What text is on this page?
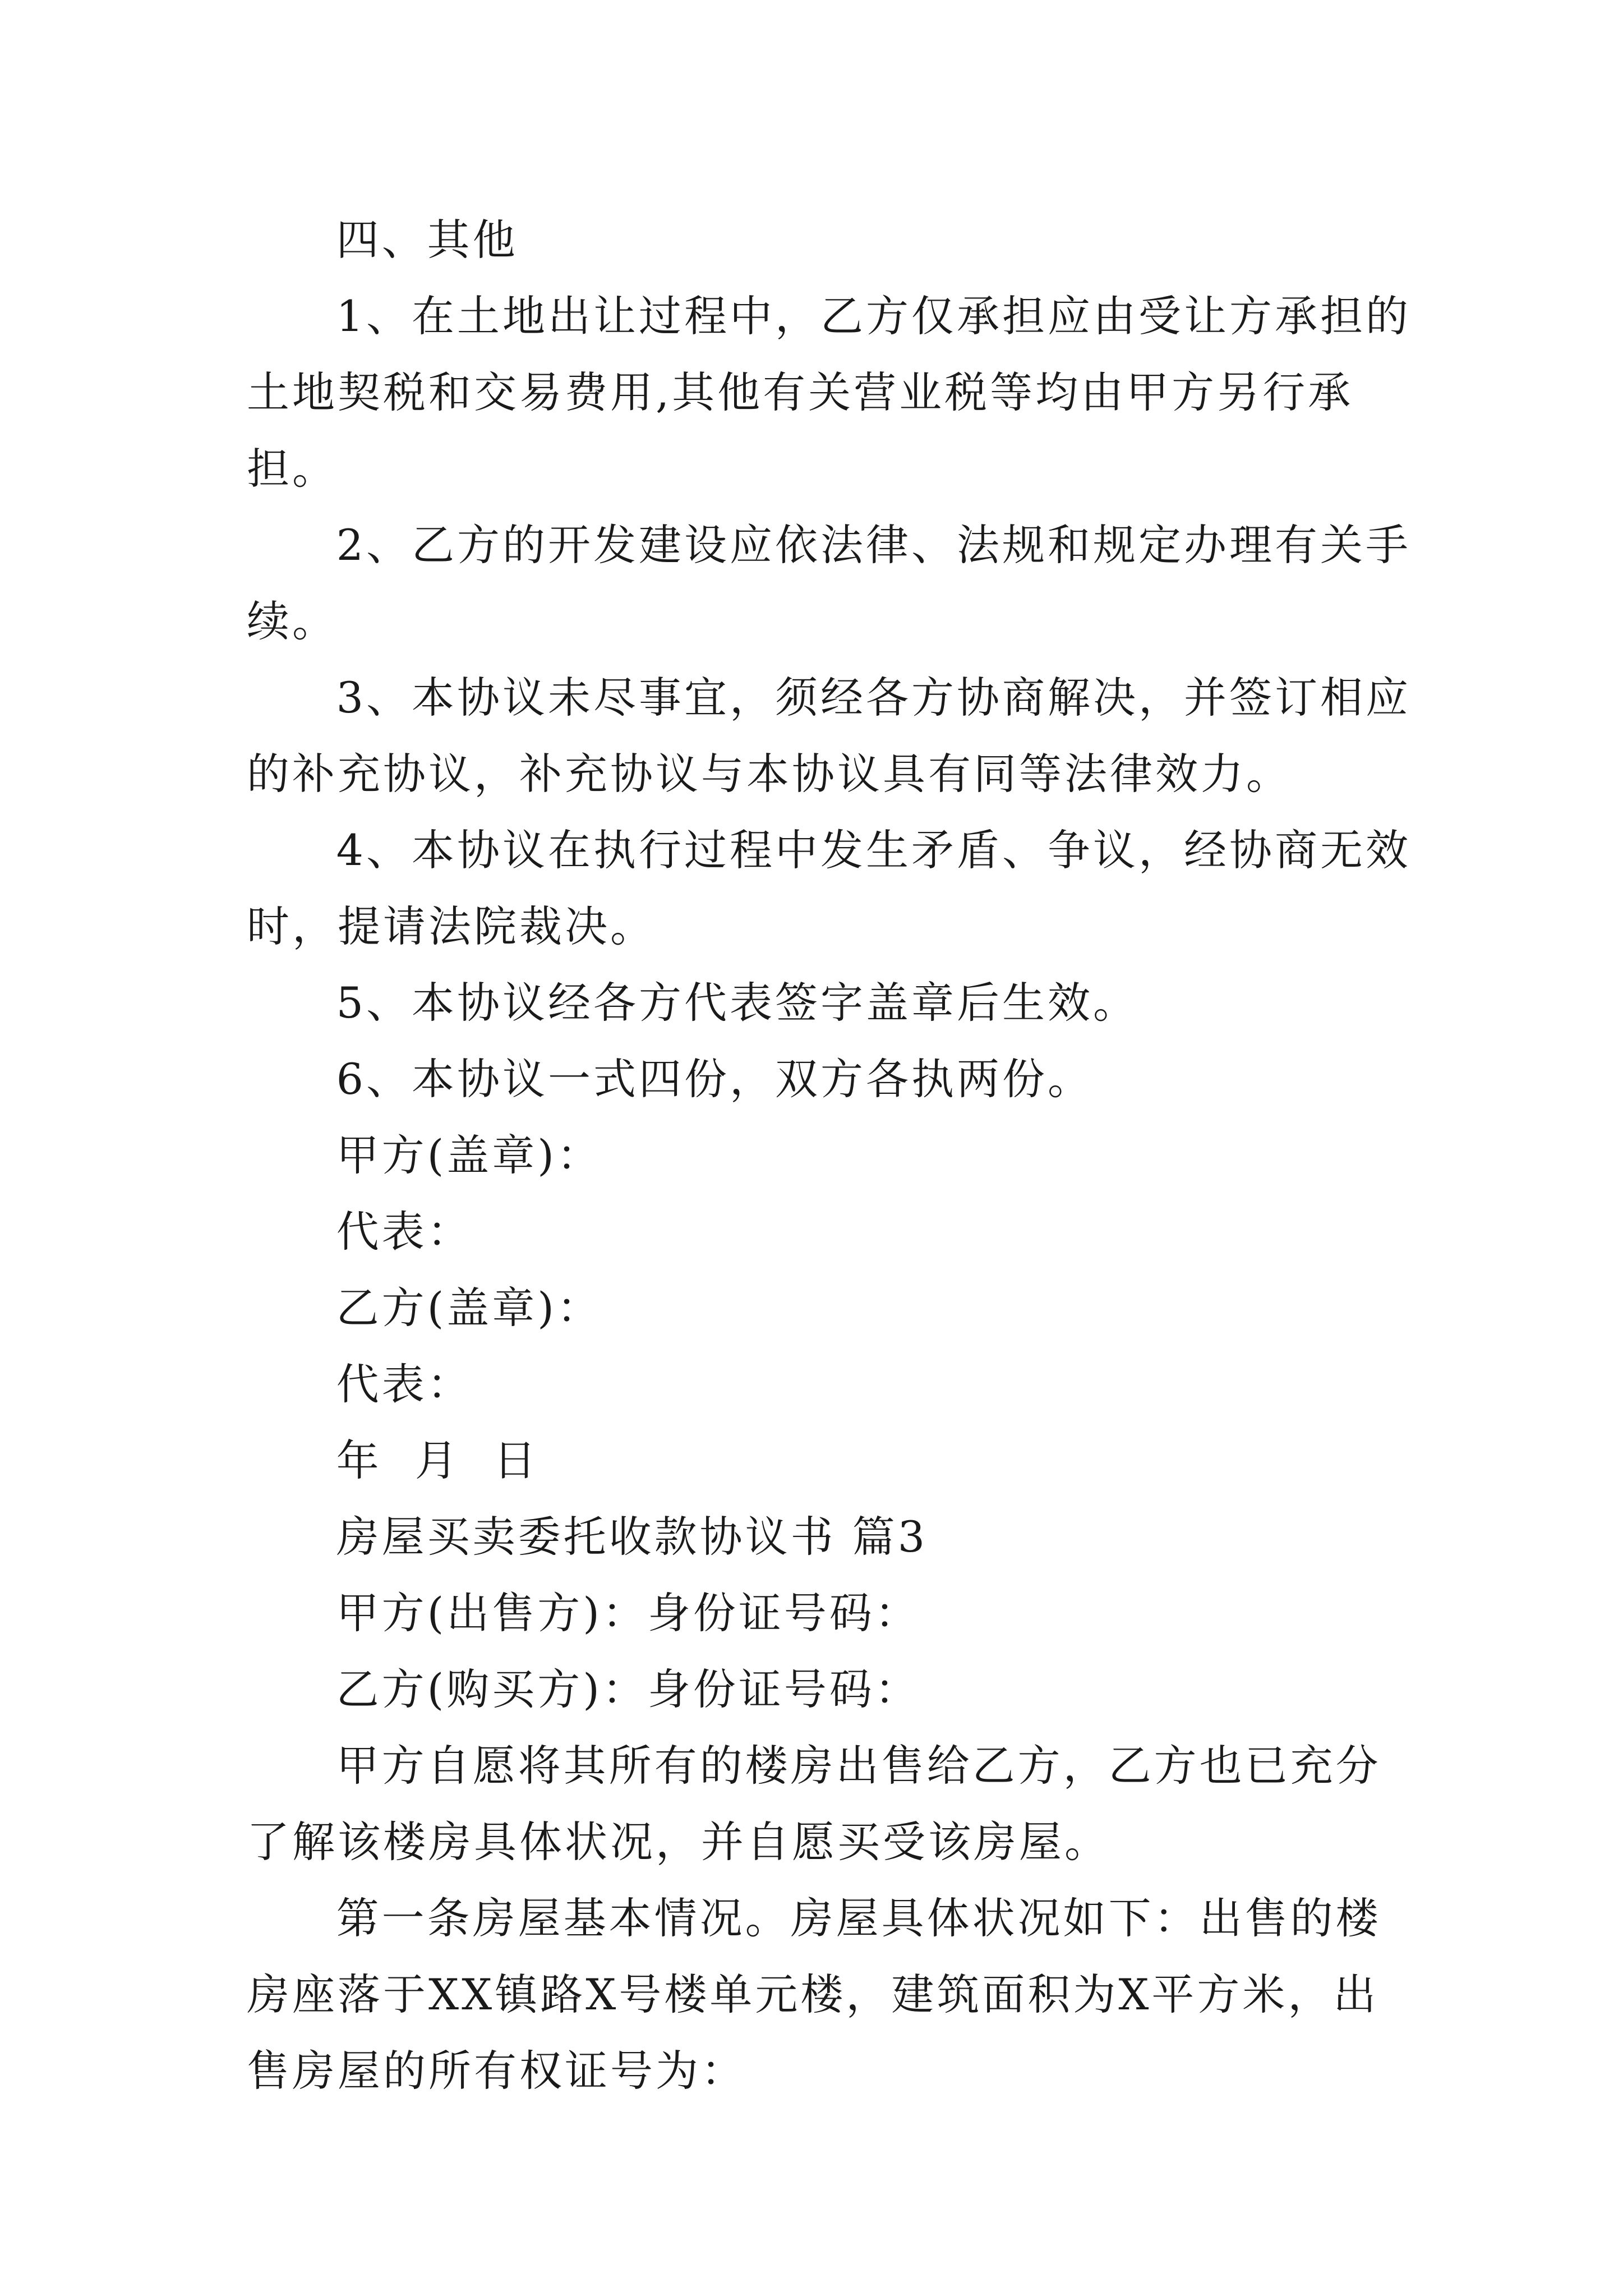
四、其他

1、在土地出让过程中，乙方仅承担应由受让方承担的土地契税和交易费用,其他有关营业税等均由甲方另行承担。

2、乙方的开发建设应依法律、法规和规定办理有关手续。

3、本协议未尽事宜，须经各方协商解决，并签订相应的补充协议，补充协议与本协议具有同等法律效力。

4、本协议在执行过程中发生矛盾、争议，经协商无效时，提请法院裁决。

5、本协议经各方代表签字盖章后生效。

6、本协议一式四份，双方各执两份。

甲方(盖章)：

代表：

乙方(盖章)：

代表：

年 月 日

房屋买卖委托收款协议书 篇3

甲方(出售方)：身份证号码：

乙方(购买方)：身份证号码：

甲方自愿将其所有的楼房出售给乙方，乙方也已充分了解该楼房具体状况，并自愿买受该房屋。

第一条房屋基本情况。房屋具体状况如下：出售的楼房座落于XX镇路X号楼单元楼，建筑面积为X平方米，出售房屋的所有权证号为：
